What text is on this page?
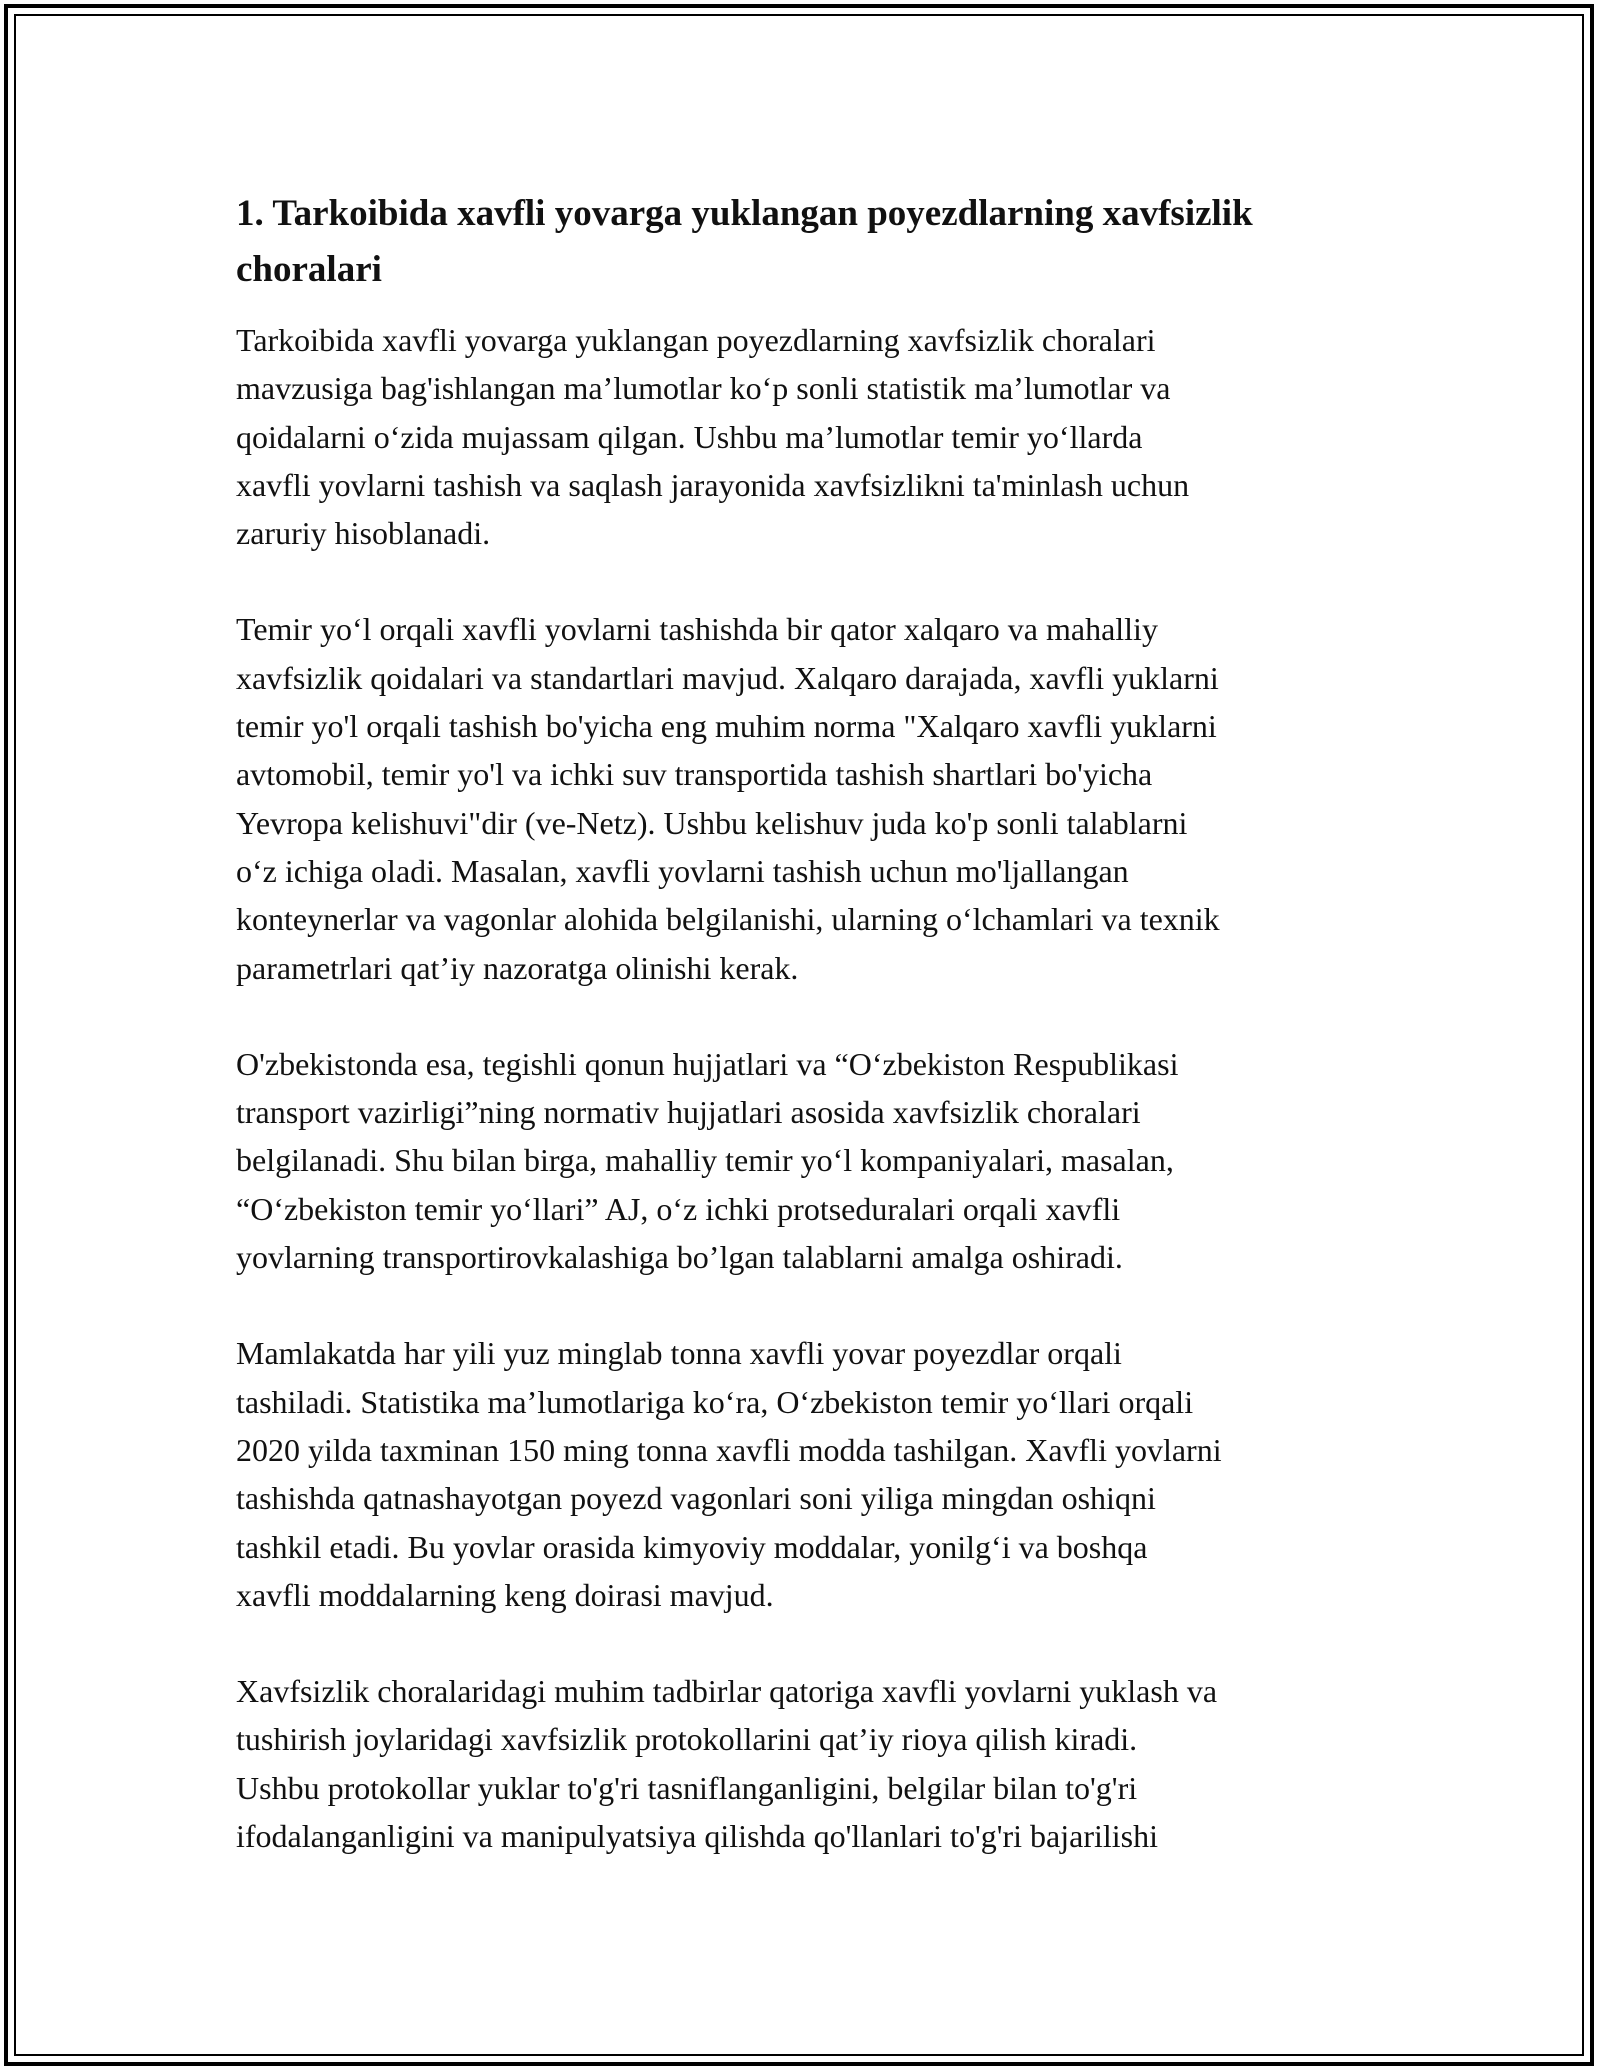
1. Tarkoibida xavfli yovarga yuklangan poyezdlarning xavfsizlik choralari

Tarkoibida xavfli yovarga yuklangan poyezdlarning xavfsizlik choralari
mavzusiga bag'ishlangan ma’lumotlar ko‘p sonli statistik ma’lumotlar va
qoidalarni o‘zida mujassam qilgan. Ushbu ma’lumotlar temir yo‘llarda
xavfli yovlarni tashish va saqlash jarayonida xavfsizlikni ta'minlash uchun
zaruriy hisoblanadi.

Temir yo‘l orqali xavfli yovlarni tashishda bir qator xalqaro va mahalliy
xavfsizlik qoidalari va standartlari mavjud. Xalqaro darajada, xavfli yuklarni
temir yo'l orqali tashish bo'yicha eng muhim norma "Xalqaro xavfli yuklarni
avtomobil, temir yo'l va ichki suv transportida tashish shartlari bo'yicha
Yevropa kelishuvi"dir (ve-Netz). Ushbu kelishuv juda ko'p sonli talablarni
o‘z ichiga oladi. Masalan, xavfli yovlarni tashish uchun mo'ljallangan
konteynerlar va vagonlar alohida belgilanishi, ularning o‘lchamlari va texnik
parametrlari qat’iy nazoratga olinishi kerak.

O'zbekistonda esa, tegishli qonun hujjatlari va “O‘zbekiston Respublikasi
transport vazirligi”ning normativ hujjatlari asosida xavfsizlik choralari
belgilanadi. Shu bilan birga, mahalliy temir yo‘l kompaniyalari, masalan,
“O‘zbekiston temir yo‘llari” AJ, o‘z ichki protseduralari orqali xavfli
yovlarning transportirovkalashiga bo’lgan talablarni amalga oshiradi.

Mamlakatda har yili yuz minglab tonna xavfli yovar poyezdlar orqali
tashiladi. Statistika ma’lumotlariga ko‘ra, O‘zbekiston temir yo‘llari orqali
2020 yilda taxminan 150 ming tonna xavfli modda tashilgan. Xavfli yovlarni
tashishda qatnashayotgan poyezd vagonlari soni yiliga mingdan oshiqni
tashkil etadi. Bu yovlar orasida kimyoviy moddalar, yonilg‘i va boshqa
xavfli moddalarning keng doirasi mavjud.

Xavfsizlik choralaridagi muhim tadbirlar qatoriga xavfli yovlarni yuklash va
tushirish joylaridagi xavfsizlik protokollarini qat’iy rioya qilish kiradi.
Ushbu protokollar yuklar to'g'ri tasniflanganligini, belgilar bilan to'g'ri
ifodalanganligini va manipulyatsiya qilishda qo'llanlari to'g'ri bajarilishi
